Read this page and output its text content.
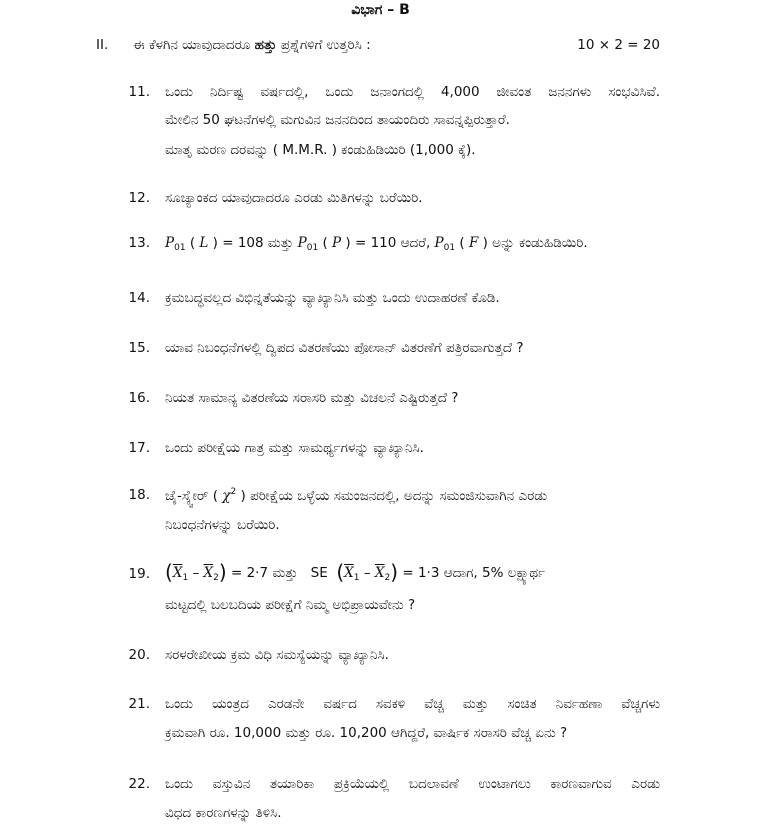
ವಿಭಾಗ – B
II. ಈ ಕೆಳಗಿನ ಯಾವುದಾದರೂ ಹತ್ತು ಪ್ರಶ್ನೆಗಳಿಗೆ ಉತ್ತರಿಸಿ :	10 × 2 = 20
11. ಒಂದು ನಿರ್ದಿಷ್ಟ ವರ್ಷದಲ್ಲಿ, ಒಂದು ಜನಾಂಗದಲ್ಲಿ 4,000 ಜೀವಂತ ಜನನಗಳು ಸಂಭವಿಸಿವೆ.
ಮೇಲಿನ 50 ಘಟನೆಗಳಲ್ಲಿ ಮಗುವಿನ ಜನನದಿಂದ ತಾಯಂದಿರು ಸಾವನ್ನಪ್ಪಿರುತ್ತಾರೆ.
ಮಾತೃ ಮರಣ ದರವನ್ನು ( M.M.R. ) ಕಂಡುಹಿಡಿಯಿರಿ (1,000 ಕ್ಕೆ).
12. ಸೂಚ್ಯಾಂಕದ ಯಾವುದಾದರೂ ಎರಡು ಮಿತಿಗಳನ್ನು ಬರೆಯಿರಿ.
13. $P_{01}$ ( L ) = 108 ಮತ್ತು $P_{01}$ ( P ) = 110 ಆದರೆ, $P_{01}$ ( F ) ಅನ್ನು ಕಂಡುಹಿಡಿಯಿರಿ.
14. ಕ್ರಮಬದ್ಧವಲ್ಲದ ವಿಭಿನ್ನತೆಯನ್ನು ವ್ಯಾಖ್ಯಾನಿಸಿ ಮತ್ತು ಒಂದು ಉದಾಹರಣೆ ಕೊಡಿ.
15. ಯಾವ ನಿಬಂಧನೆಗಳಲ್ಲಿ ದ್ವಿಪದ ವಿತರಣೆಯು ಪೋಸಾನ್ ವಿತರಣೆಗೆ ಪತ್ರಿರವಾಗುತ್ತದೆ ?
16. ನಿಯತ ಸಾಮಾನ್ಯ ವಿತರಣೆಯ ಸರಾಸರಿ ಮತ್ತು ವಿಚಲನೆ ಎಷ್ಟಿರುತ್ತದೆ ?
17. ಒಂದು ಪರೀಕ್ಷೆಯ ಗಾತ್ರ ಮತ್ತು ಸಾಮರ್ಥ್ಯಗಳನ್ನು ವ್ಯಾಖ್ಯಾನಿಸಿ.
18. ಚೈ-ಸ್ಕ್ವೇರ್ ( $\chi^2$ ) ಪರೀಕ್ಷೆಯ ಒಳ್ಳೆಯ ಸಮಂಜನದಲ್ಲಿ, ಅದನ್ನು ಸಮಂಜಿಸುವಾಗಿನ ಎರಡು
ನಿಬಂಧನೆಗಳನ್ನು ಬರೆಯಿರಿ.
19. $(\overline{X}_1 - \overline{X}_2) = 2\cdot 7$ ಮತ್ತು SE $(\overline{X}_1 - \overline{X}_2) = 1\cdot 3$ ಆದಾಗ, 5% ಲಕ್ಷ್ಯಾರ್ಥ
ಮಟ್ಟದಲ್ಲಿ ಬಲಬದಿಯ ಪರೀಕ್ಷೆಗೆ ನಿಮ್ಮ ಅಭಿಪ್ರಾಯವೇನು ?
20. ಸರಳರೇಖೀಯ ಕ್ರಮ ವಿಧಿ ಸಮಸ್ಯೆಯನ್ನು ವ್ಯಾಖ್ಯಾನಿಸಿ.
21. ಒಂದು ಯಂತ್ರದ ಎರಡನೇ ವರ್ಷದ ಸವಕಳಿ ವೆಚ್ಚ ಮತ್ತು ಸಂಚಿತ ನಿರ್ವಹಣಾ ವೆಚ್ಚಗಳು
ಕ್ರಮವಾಗಿ ರೂ. 10,000 ಮತ್ತು ರೂ. 10,200 ಆಗಿದ್ದರೆ, ವಾರ್ಷಿಕ ಸರಾಸರಿ ವೆಚ್ಚ ಏನು ?
22. ಒಂದು ವಸ್ತುವಿನ ತಯಾರಿಕಾ ಪ್ರಕ್ರಿಯೆಯಲ್ಲಿ ಬದಲಾವಣೆ ಉಂಟಾಗಲು ಕಾರಣವಾಗುವ ಎರಡು
ವಿಧದ ಕಾರಣಗಳನ್ನು ತಿಳಿಸಿ.
